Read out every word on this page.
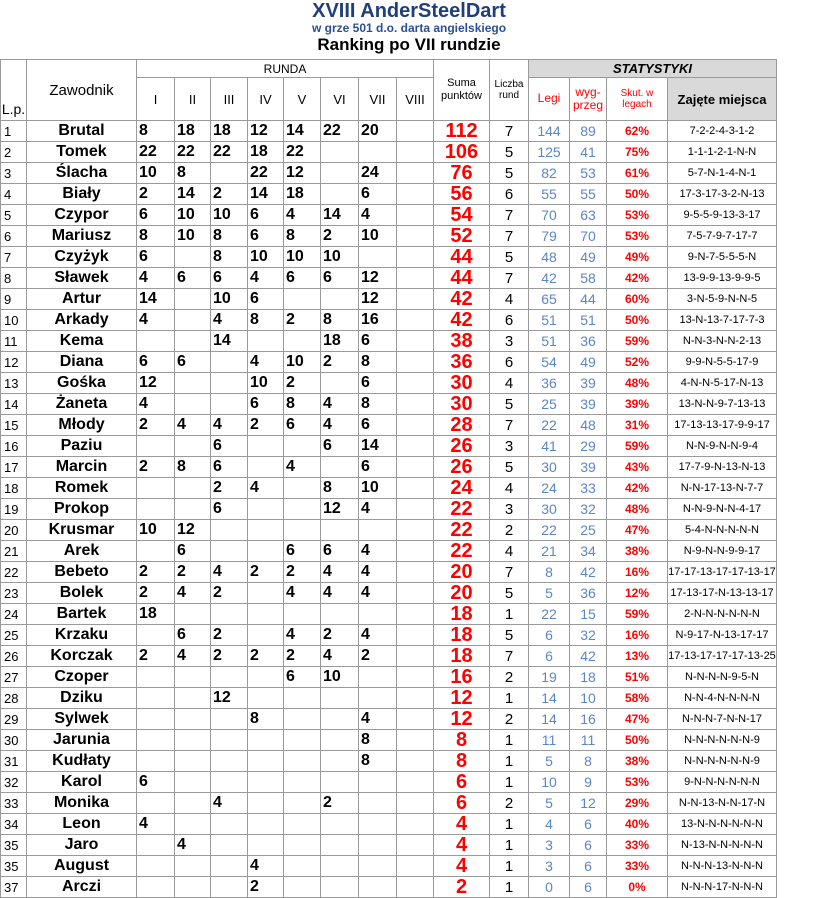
XVIII AnderSteelDart
w grze 501 d.o. darta angielskiego
Ranking po VII rundzie
L.p.	Zawodnik	RUNDA								Suma punktów	Liczba rund	STATYSTYKI			
		I	II	III	IV	V	VI	VII	VIII			Legi	wyg-przeg	Skut. w legach	Zajęte miejsca
1	Brutal	8	18	18	12	14	22	20		112	7	144	89	62%	7-2-2-4-3-1-2
2	Tomek	22	22	22	18	22				106	5	125	41	75%	1-1-1-2-1-N-N
3	Ślacha	10	8		22	12		24		76	5	82	53	61%	5-7-N-1-4-N-1
4	Biały	2	14	2	14	18		6		56	6	55	55	50%	17-3-17-3-2-N-13
5	Czypor	6	10	10	6	4	14	4		54	7	70	63	53%	9-5-5-9-13-3-17
6	Mariusz	8	10	8	6	8	2	10		52	7	79	70	53%	7-5-7-9-7-17-7
7	Czyżyk	6		8	10	10	10			44	5	48	49	49%	9-N-7-5-5-5-N
8	Sławek	4	6	6	4	6	6	12		44	7	42	58	42%	13-9-9-13-9-9-5
9	Artur	14		10	6			12		42	4	65	44	60%	3-N-5-9-N-N-5
10	Arkady	4		4	8	2	8	16		42	6	51	51	50%	13-N-13-7-17-7-3
11	Kema			14			18	6		38	3	51	36	59%	N-N-3-N-N-2-13
12	Diana	6	6		4	10	2	8		36	6	54	49	52%	9-9-N-5-5-17-9
13	Gośka	12			10	2		6		30	4	36	39	48%	4-N-N-5-17-N-13
14	Żaneta	4			6	8	4	8		30	5	25	39	39%	13-N-N-9-7-13-13
15	Młody	2	4	4	2	6	4	6		28	7	22	48	31%	17-13-13-17-9-9-17
16	Paziu			6			6	14		26	3	41	29	59%	N-N-9-N-N-9-4
17	Marcin	2	8	6		4		6		26	5	30	39	43%	17-7-9-N-13-N-13
18	Romek			2	4		8	10		24	4	24	33	42%	N-N-17-13-N-7-7
19	Prokop			6			12	4		22	3	30	32	48%	N-N-9-N-N-4-17
20	Krusmar	10	12							22	2	22	25	47%	5-4-N-N-N-N-N
21	Arek		6			6	6	4		22	4	21	34	38%	N-9-N-N-9-9-17
22	Bebeto	2	2	4	2	2	4	4		20	7	8	42	16%	17-17-13-17-17-13-17
23	Bolek	2	4	2		4	4	4		20	5	5	36	12%	17-13-17-N-13-13-17
24	Bartek	18								18	1	22	15	59%	2-N-N-N-N-N-N
25	Krzaku		6	2		4	2	4		18	5	6	32	16%	N-9-17-N-13-17-17
26	Korczak	2	4	2	2	2	4	2		18	7	6	42	13%	17-13-17-17-17-13-25
27	Czoper					6	10			16	2	19	18	51%	N-N-N-N-9-5-N
28	Dziku			12						12	1	14	10	58%	N-N-4-N-N-N-N
29	Sylwek				8			4		12	2	14	16	47%	N-N-N-7-N-N-17
30	Jarunia							8		8	1	11	11	50%	N-N-N-N-N-N-9
31	Kudłaty							8		8	1	5	8	38%	N-N-N-N-N-N-9
32	Karol	6								6	1	10	9	53%	9-N-N-N-N-N-N
33	Monika			4			2			6	2	5	12	29%	N-N-13-N-N-17-N
34	Leon	4								4	1	4	6	40%	13-N-N-N-N-N-N
35	Jaro		4							4	1	3	6	33%	N-13-N-N-N-N-N
35	August				4					4	1	3	6	33%	N-N-N-13-N-N-N
37	Arczi				2					2	1	0	6	0%	N-N-N-17-N-N-N
